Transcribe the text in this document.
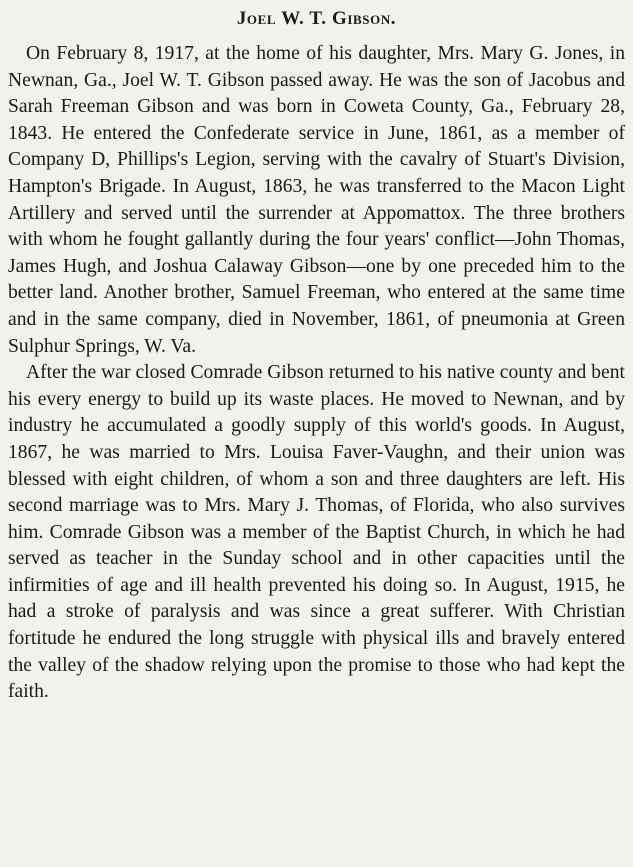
Joel W. T. Gibson.

On February 8, 1917, at the home of his daughter, Mrs. Mary G. Jones, in Newnan, Ga., Joel W. T. Gibson passed away. He was the son of Jacobus and Sarah Freeman Gibson and was born in Coweta County, Ga., February 28, 1843. He entered the Confederate service in June, 1861, as a member of Company D, Phillips's Legion, serving with the cavalry of Stuart's Division, Hampton's Brigade. In August, 1863, he was transferred to the Macon Light Artillery and served until the surrender at Appomattox. The three brothers with whom he fought gallantly during the four years' conflict—John Thomas, James Hugh, and Joshua Calaway Gibson—one by one preceded him to the better land. Another brother, Samuel Freeman, who entered at the same time and in the same company, died in November, 1861, of pneumonia at Green Sulphur Springs, W. Va.

After the war closed Comrade Gibson returned to his native county and bent his every energy to build up its waste places. He moved to Newnan, and by industry he accumulated a goodly supply of this world's goods. In August, 1867, he was married to Mrs. Louisa Faver-Vaughn, and their union was blessed with eight children, of whom a son and three daughters are left. His second marriage was to Mrs. Mary J. Thomas, of Florida, who also survives him. Comrade Gibson was a member of the Baptist Church, in which he had served as teacher in the Sunday school and in other capacities until the infirmities of age and ill health prevented his doing so. In August, 1915, he had a stroke of paralysis and was since a great sufferer. With Christian fortitude he endured the long struggle with physical ills and bravely entered the valley of the shadow relying upon the promise to those who had kept the faith.
